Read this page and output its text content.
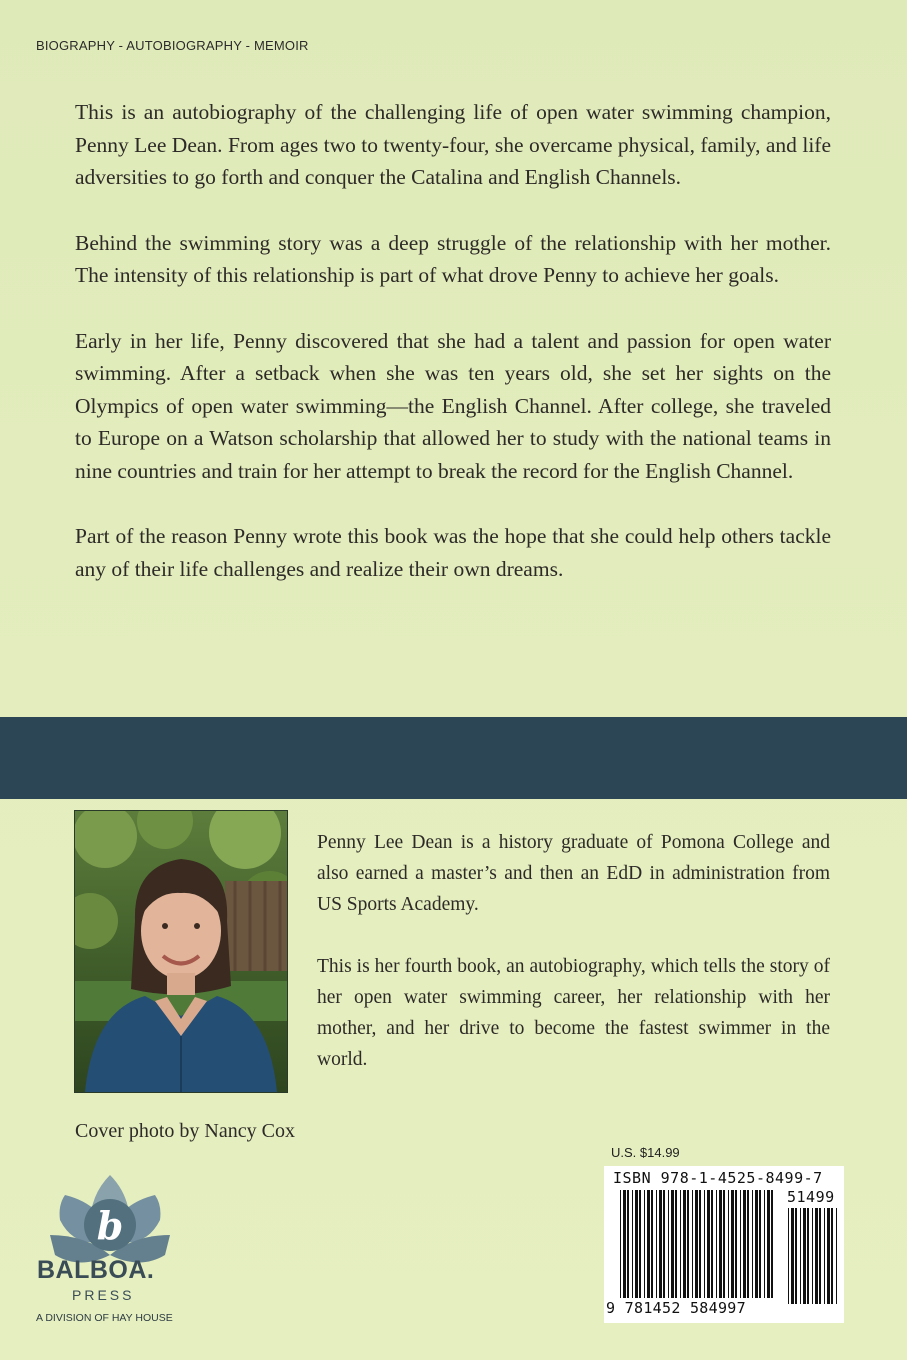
BIOGRAPHY - AUTOBIOGRAPHY - MEMOIR

This is an autobiography of the challenging life of open water swimming champion, Penny Lee Dean. From ages two to twenty-four, she overcame physical, family, and life adversities to go forth and conquer the Catalina and English Channels.

Behind the swimming story was a deep struggle of the relationship with her mother. The intensity of this relationship is part of what drove Penny to achieve her goals.

Early in her life, Penny discovered that she had a talent and passion for open water swimming. After a setback when she was ten years old, she set her sights on the Olympics of open water swimming—the English Channel. After college, she traveled to Europe on a Watson scholarship that allowed her to study with the national teams in nine countries and train for her attempt to break the record for the English Channel.

Part of the reason Penny wrote this book was the hope that she could help others tackle any of their life challenges and realize their own dreams.

Penny Lee Dean is a history graduate of Pomona College and also earned a master’s and then an EdD in administration from US Sports Academy.

This is her fourth book, an autobiography, which tells the story of her open water swimming career, her relationship with her mother, and her drive to become the fastest swimmer in the world.

Cover photo by Nancy Cox
b
BALBOA.
PRESS
A DIVISION OF HAY HOUSE
U.S. $14.99
ISBN 978-1-4525-8499-7
51499
9 781452 584997
